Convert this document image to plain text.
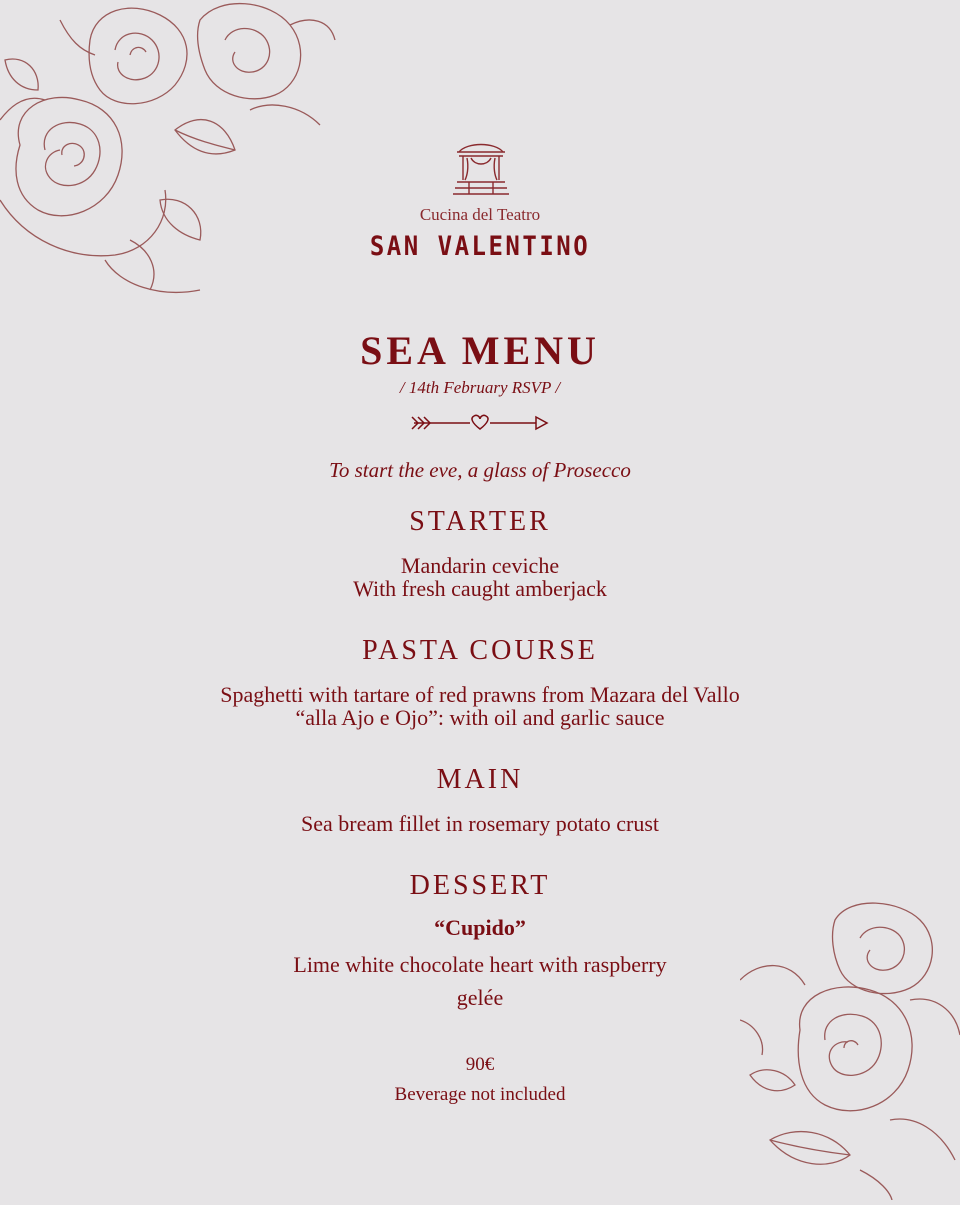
Cucina del Teatro
SAN VALENTINO
SEA MENU
/ 14th February RSVP /
To start the eve, a glass of Prosecco
STARTER
Mandarin ceviche
With fresh caught amberjack
PASTA COURSE
Spaghetti with tartare of red prawns from Mazara del Vallo
“alla Ajo e Ojo”: with oil and garlic sauce
MAIN
Sea bream fillet in rosemary potato crust
DESSERT
“Cupido”
Lime white chocolate heart with raspberry
gelée
90€
Beverage not included
